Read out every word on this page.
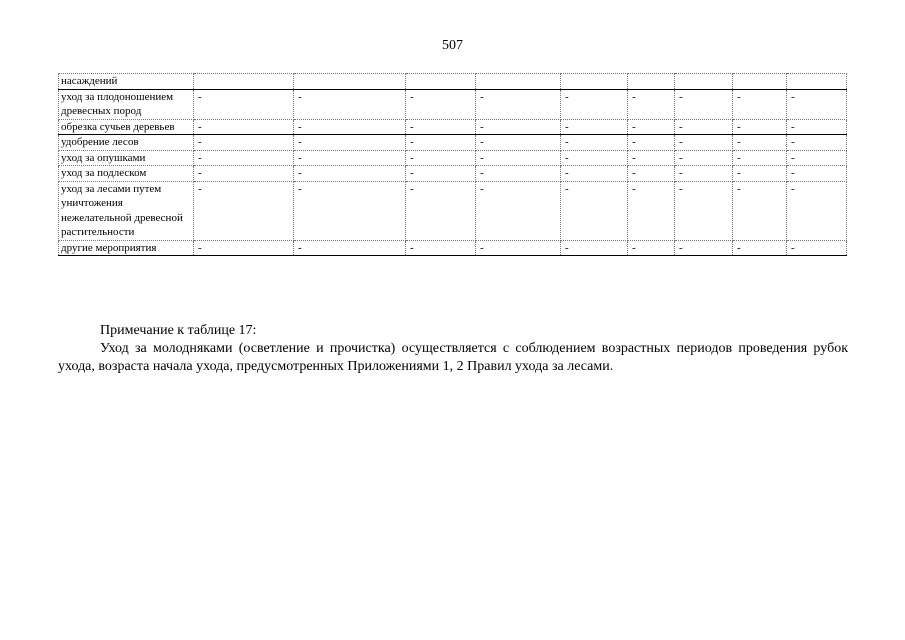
507
насаждений									
уход за плодоношением древесных пород	-	-	-	-	-	-	-	-	-
обрезка сучьев деревьев	-	-	-	-	-	-	-	-	-
удобрение лесов	-	-	-	-	-	-	-	-	-
уход за опушками	-	-	-	-	-	-	-	-	-
уход за подлеском	-	-	-	-	-	-	-	-	-
уход за лесами путем уничтожения нежелательной древесной растительности	-	-	-	-	-	-	-	-	-
другие мероприятия	-	-	-	-	-	-	-	-	-

Примечание к таблице 17:

Уход за молодняками (осветление и прочистка) осуществляется с соблюдением возрастных периодов проведения рубок ухода, возраста начала ухода, предусмотренных Приложениями 1, 2 Правил ухода за лесами.
